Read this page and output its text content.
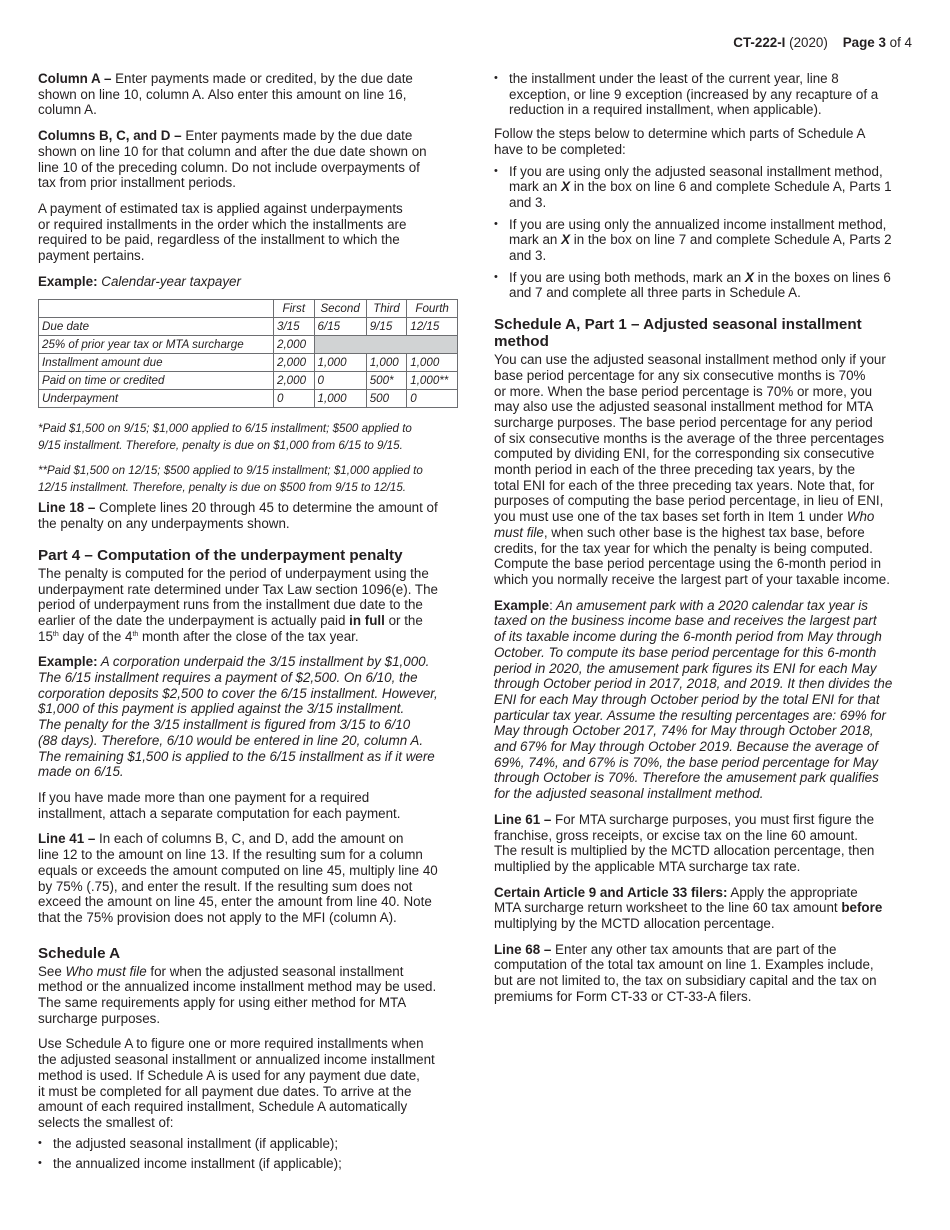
CT-222-I (2020) Page 3 of 4
Column A – Enter payments made or credited, by the due date
shown on line 10, column A. Also enter this amount on line 16,
column A.
Columns B, C, and D – Enter payments made by the due date
shown on line 10 for that column and after the due date shown on
line 10 of the preceding column. Do not include overpayments of
tax from prior installment periods.
A payment of estimated tax is applied against underpayments
or required installments in the order which the installments are
required to be paid, regardless of the installment to which the
payment pertains.
Example: Calendar-year taxpayer
	First	Second	Third	Fourth
Due date	3/15	6/15	9/15	12/15
25% of prior year tax or MTA surcharge	2,000			
Installment amount due	2,000	1,000	1,000	1,000
Paid on time or credited	2,000	0	500*	1,000**
Underpayment	0	1,000	500	0
*Paid $1,500 on 9/15; $1,000 applied to 6/15 installment; $500 applied to
9/15 installment. Therefore, penalty is due on $1,000 from 6/15 to 9/15.
**Paid $1,500 on 12/15; $500 applied to 9/15 installment; $1,000 applied to
12/15 installment. Therefore, penalty is due on $500 from 9/15 to 12/15.
Line 18 – Complete lines 20 through 45 to determine the amount of
the penalty on any underpayments shown.
Part 4 – Computation of the underpayment penalty
The penalty is computed for the period of underpayment using the
underpayment rate determined under Tax Law section 1096(e). The
period of underpayment runs from the installment due date to the
earlier of the date the underpayment is actually paid in full or the
15th day of the 4th month after the close of the tax year.
Example: A corporation underpaid the 3/15 installment by $1,000.
The 6/15 installment requires a payment of $2,500. On 6/10, the
corporation deposits $2,500 to cover the 6/15 installment. However,
$1,000 of this payment is applied against the 3/15 installment.
The penalty for the 3/15 installment is figured from 3/15 to 6/10
(88 days). Therefore, 6/10 would be entered in line 20, column A.
The remaining $1,500 is applied to the 6/15 installment as if it were
made on 6/15.
If you have made more than one payment for a required
installment, attach a separate computation for each payment.
Line 41 – In each of columns B, C, and D, add the amount on
line 12 to the amount on line 13. If the resulting sum for a column
equals or exceeds the amount computed on line 45, multiply line 40
by 75% (.75), and enter the result. If the resulting sum does not
exceed the amount on line 45, enter the amount from line 40. Note
that the 75% provision does not apply to the MFI (column A).
Schedule A
See Who must file for when the adjusted seasonal installment
method or the annualized income installment method may be used.
The same requirements apply for using either method for MTA
surcharge purposes.
Use Schedule A to figure one or more required installments when
the adjusted seasonal installment or annualized income installment
method is used. If Schedule A is used for any payment due date,
it must be completed for all payment due dates. To arrive at the
amount of each required installment, Schedule A automatically
selects the smallest of:
• the adjusted seasonal installment (if applicable);
• the annualized income installment (if applicable);
• the installment under the least of the current year, line 8
exception, or line 9 exception (increased by any recapture of a
reduction in a required installment, when applicable).
Follow the steps below to determine which parts of Schedule A
have to be completed:
• If you are using only the adjusted seasonal installment method,
mark an X in the box on line 6 and complete Schedule A, Parts 1
and 3.
• If you are using only the annualized income installment method,
mark an X in the box on line 7 and complete Schedule A, Parts 2
and 3.
• If you are using both methods, mark an X in the boxes on lines 6
and 7 and complete all three parts in Schedule A.
Schedule A, Part 1 – Adjusted seasonal installment
method
You can use the adjusted seasonal installment method only if your
base period percentage for any six consecutive months is 70%
or more. When the base period percentage is 70% or more, you
may also use the adjusted seasonal installment method for MTA
surcharge purposes. The base period percentage for any period
of six consecutive months is the average of the three percentages
computed by dividing ENI, for the corresponding six consecutive
month period in each of the three preceding tax years, by the
total ENI for each of the three preceding tax years. Note that, for
purposes of computing the base period percentage, in lieu of ENI,
you must use one of the tax bases set forth in Item 1 under Who
must file, when such other base is the highest tax base, before
credits, for the tax year for which the penalty is being computed.
Compute the base period percentage using the 6-month period in
which you normally receive the largest part of your taxable income.
Example: An amusement park with a 2020 calendar tax year is
taxed on the business income base and receives the largest part
of its taxable income during the 6-month period from May through
October. To compute its base period percentage for this 6-month
period in 2020, the amusement park figures its ENI for each May
through October period in 2017, 2018, and 2019. It then divides the
ENI for each May through October period by the total ENI for that
particular tax year. Assume the resulting percentages are: 69% for
May through October 2017, 74% for May through October 2018,
and 67% for May through October 2019. Because the average of
69%, 74%, and 67% is 70%, the base period percentage for May
through October is 70%. Therefore the amusement park qualifies
for the adjusted seasonal installment method.
Line 61 – For MTA surcharge purposes, you must first figure the
franchise, gross receipts, or excise tax on the line 60 amount.
The result is multiplied by the MCTD allocation percentage, then
multiplied by the applicable MTA surcharge tax rate.
Certain Article 9 and Article 33 filers: Apply the appropriate
MTA surcharge return worksheet to the line 60 tax amount before
multiplying by the MCTD allocation percentage.
Line 68 – Enter any other tax amounts that are part of the
computation of the total tax amount on line 1. Examples include,
but are not limited to, the tax on subsidiary capital and the tax on
premiums for Form CT-33 or CT-33-A filers.
